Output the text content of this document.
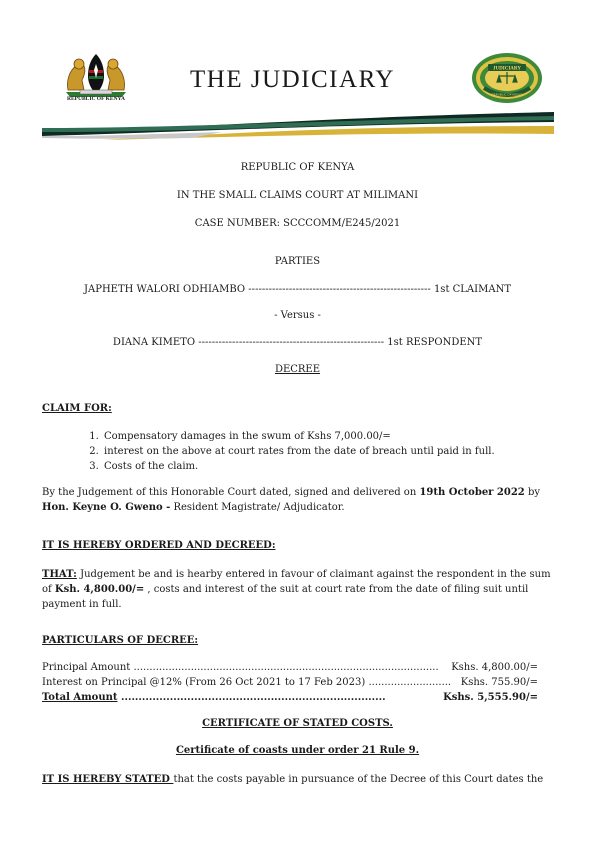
REPUBLIC OF KENYA
THE JUDICIARY	JUDICIARY
REPUBLIC OF KENYA
REPUBLIC OF KENYA
IN THE SMALL CLAIMS COURT AT MILIMANI
CASE NUMBER: SCCCOMM/E245/2021
PARTIES
JAPHETH WALORI ODHIAMBO ------------------------------------------------------ 1st CLAIMANT
- Versus -
DIANA KIMETO ------------------------------------------------------- 1st RESPONDENT
DECREE
CLAIM FOR:
1. Compensatory damages in the swum of Kshs 7,000.00/=
2. interest on the above at court rates from the date of breach until paid in full.
3. Costs of the claim.
By the Judgement of this Honorable Court dated, signed and delivered on 19th October 2022 by
Hon. Keyne O. Gweno - Resident Magistrate/ Adjudicator.
IT IS HEREBY ORDERED AND DECREED:
THAT: Judgement be and is hearby entered in favour of claimant against the respondent in the sum
of Ksh. 4,800.00/= , costs and interest of the suit at court rate from the date of filing suit until
payment in full.
PARTICULARS OF DECREE:
Principal Amount ................................................................................................ Kshs. 4,800.00/=
Interest on Principal @12% (From 26 Oct 2021 to 17 Feb 2023) .......................... Kshs. 755.90/=
Total Amount ............................................................................	Kshs. 5,555.90/=
CERTIFICATE OF STATED COSTS.
Certificate of coasts under order 21 Rule 9.
IT IS HEREBY STATED that the costs payable in pursuance of the Decree of this Court dates the
